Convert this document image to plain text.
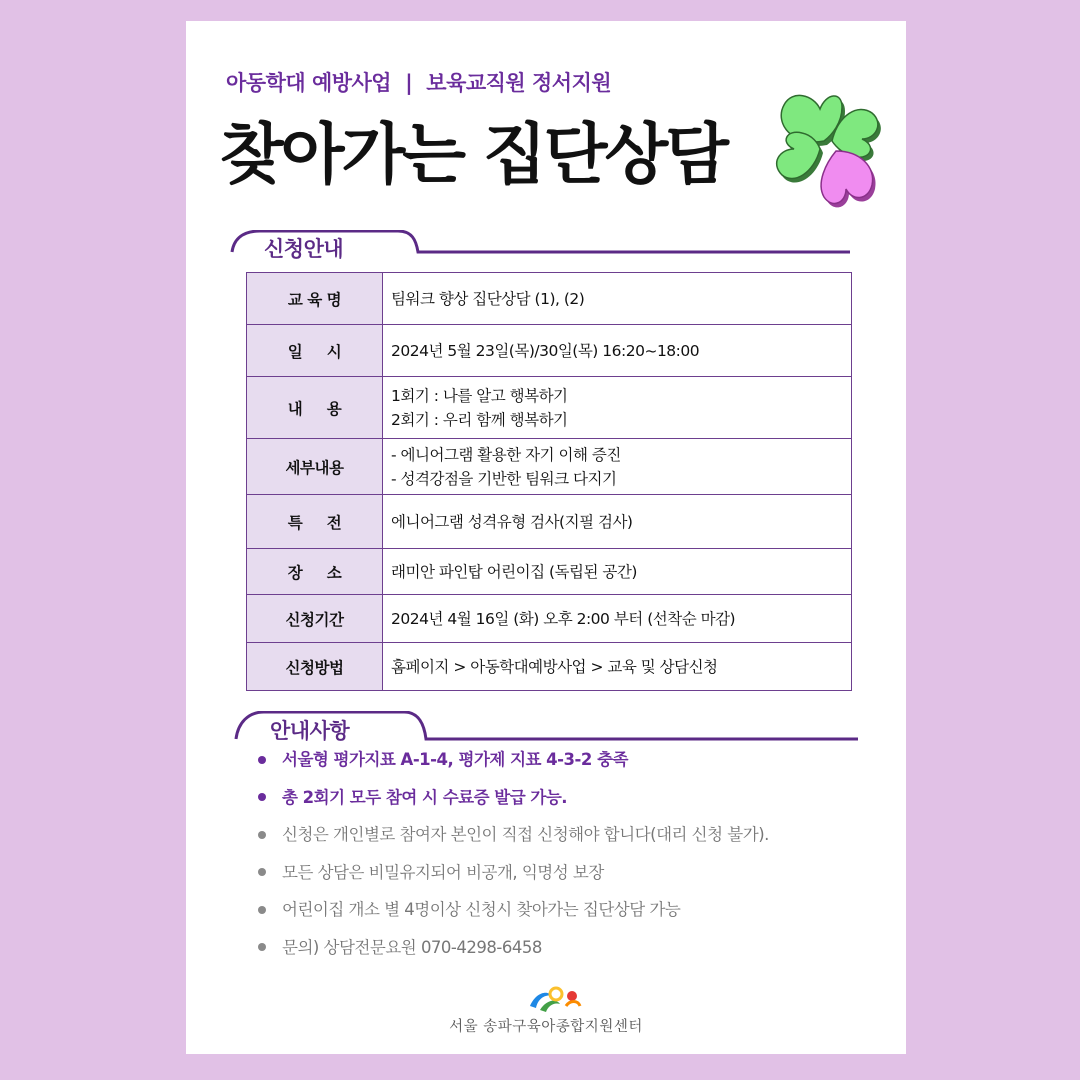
아동학대 예방사업 | 보육교직원 정서지원
찾아가는 집단상담
신청안내
교 육 명	팀워크 향상 집단상담 (1), (2)

일     시	2024년 5월 23일(목)/30일(목) 16:20~18:00

내     용	1회기 : 나를 알고 행복하기
2회기 : 우리 함께 행복하기

세부내용	- 에니어그램 활용한 자기 이해 증진
- 성격강점을 기반한 팀워크 다지기

특     전	에니어그램 성격유형 검사(지필 검사)

장     소	래미안 파인탑 어린이집 (독립된 공간)

신청기간	2024년 4월 16일 (화) 오후 2:00 부터 (선착순 마감)

신청방법	홈페이지 > 아동학대예방사업 > 교육 및 상담신청
안내사항
서울형 평가지표 A-1-4, 평가제 지표 4-3-2 충족
총 2회기 모두 참여 시 수료증 발급 가능.
신청은 개인별로 참여자 본인이 직접 신청해야 합니다(대리 신청 불가).
모든 상담은 비밀유지되어 비공개, 익명성 보장
어린이집 개소 별 4명이상 신청시 찾아가는 집단상담 가능
문의) 상담전문요원 070-4298-6458
서울 송파구육아종합지원센터
